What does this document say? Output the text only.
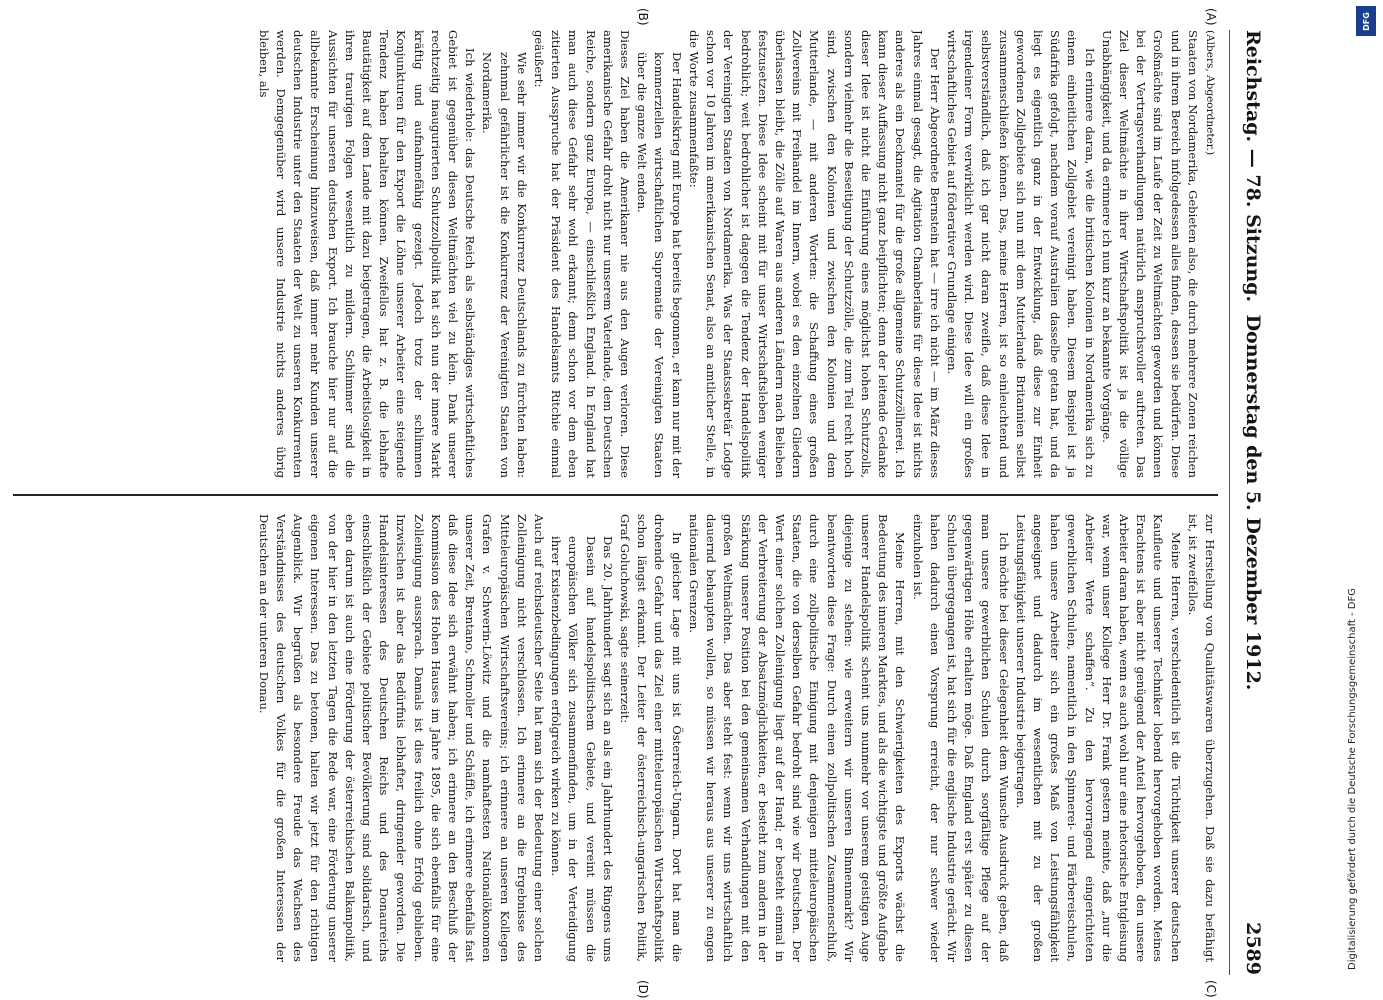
Reichstag. — 78. Sitzung.
Donnerstag den 5. Dezember 1912.
2589
(A)
(B)
(C)
(D)

(Albers, Abgeordneter.)

Staaten von Nordamerika, Gebieten also, die durch mehrere Zonen reichen und in ihrem Bereich infolgedessen alles finden, dessen sie bedürfen. Diese Großmächte sind im Laufe der Zeit zu Weltmächten geworden und können bei der Vertragsverhandlungen natürlich anspruchsvoller auftreten. Das Ziel dieser Weltmächte in ihrer Wirtschaftspolitik ist ja die völlige Unabhängigkeit, und da erinnere ich nun kurz an bekannte Vorgänge.

Ich erinnere daran, wie die britischen Kolonien in Nordamerika sich zu einem einheitlichen Zollgebiet vereinigt haben. Diesem Beispiel ist ja Südafrika gefolgt, nachdem vorauf Australien dasselbe getan hat, und da liegt es eigentlich ganz in der Entwicklung, daß diese zur Einheit gewordenen Zollgebiete sich nun mit dem Mutterlande Britannien selbst zusammenschließen können. Das, meine Herren, ist so einleuchtend und selbstverständlich, daß ich gar nicht daran zweifle, daß diese Idee in irgendeiner Form verwirklicht werden wird. Diese Idee will ein großes wirtschaftliches Gebiet auf föderativer Grundlage einigen.

Der Herr Abgeordnete Bernstein hat — irre ich nicht — im März dieses Jahres einmal gesagt, die Agitation Chamberlains für diese Idee ist nichts anderes als ein Deckmantel für die große allgemeine Schutzzöllnerei. Ich kann dieser Auffassung nicht ganz beipflichten; denn der leitende Gedanke dieser Idee ist nicht die Einführung eines möglichst hohen Schutzzolls, sondern vielmehr die Beseitigung der Schutzzölle, die zum Teil recht hoch sind, zwischen den Kolonien und zwischen den Kolonien und dem Mutterlande, — mit anderen Worten: die Schaffung eines großen Zollvereins mit Freihandel im Innern, wobei es den einzelnen Gliedern überlassen bleibt, die Zölle auf Waren aus anderen Ländern nach Belieben festzusetzen. Diese Idee scheint mit für unser Wirtschaftsleben weniger bedrohlich; weit bedrohlicher ist dagegen die Tendenz der Handelspolitik der Vereinigten Staaten von Nordamerika. Was der Staatssekretär Lodge schon vor 10 Jahren im amerikanischen Senat, also an amtlicher Stelle, in die Worte zusammenfaßte:

Der Handelskrieg mit Europa hat bereits begonnen, er kann nur mit der kommerziellen wirtschaftlichen Suprematie der Vereinigten Staaten über die ganze Welt enden.

Dieses Ziel haben die Amerikaner nie aus den Augen verloren. Diese amerikanische Gefahr droht nicht nur unserem Vaterlande, dem Deutschen Reiche, sondern ganz Europa, — einschließlich England. In England hat man auch diese Gefahr sehr wohl erkannt; denn schon vor dem eben zitierten Ausspruche hat der Präsident des Handelsamts Ritchie einmal geäußert:

Wie sehr immer wir die Konkurrenz Deutschlands zu fürchten haben: zehnmal gefährlicher ist die Konkurrenz der Vereinigten Staaten von Nordamerika.

Ich wiederhole: das Deutsche Reich als selbständiges wirtschaftliches Gebiet ist gegenüber diesen Weltmächten viel zu klein. Dank unserer rechtzeitig inaugurierten Schutzzollpolitik hat sich nun der innere Markt kräftig und aufnahmefähig gezeigt. Jedoch trotz der schlimmen Konjunkturen für den Export die Löhne unserer Arbeiter eine steigende Tendenz haben behalten können. Zweifellos hat z. B. die lebhafte Bautätigkeit auf dem Lande mit dazu beigetragen, die Arbeitslosigkeit in ihren traurigen Folgen wesentlich zu mildern. Schlimmer sind die Aussichten für unseren deutschen Export. Ich brauche hier nur auf die allbekannte Erscheinung hinzuweisen, daß immer mehr Kunden unserer deutschen Industrie unter den Staaten der Welt zu unseren Konkurrenten werden. Demgegenüber wird unsere Industrie nichts anderes übrig bleiben, als

zur Herstellung von Qualitätswaren überzugehen. Daß sie dazu befähigt ist, ist zweifellos.

Meine Herren, verschiedentlich ist die Tüchtigkeit unserer deutschen Kaufleute und unserer Techniker lobend hervorgehoben worden. Meines Erachtens ist aber nicht genügend der Anteil hervorgehoben, den unsere Arbeiter daran haben, wenn es auch wohl nur eine rhetorische Entgleisung war, wenn unser Kollege Herr Dr. Frank gestern meinte, daß „nur die Arbeiter Werte schaffen“. Zu den hervorragend eingerichteten gewerblichen Schulen, namentlich in den Spinnerei- und Färbereischulen, haben unsere Arbeiter sich ein großes Maß von Leistungsfähigkeit angeeignet und dadurch im wesentlichen mit zu der großen Leistungsfähigkeit unserer Industrie beigetragen.

Ich möchte bei dieser Gelegenheit dem Wunsche Ausdruck geben, daß man unsere gewerblichen Schulen durch sorgfältige Pflege auf der gegenwärtigen Höhe erhalten möge. Daß England erst später zu diesen Schulen übergegangen ist, hat sich für die englische Industrie gerächt. Wir haben dadurch einen Vorsprung erreicht, der nur schwer wieder einzuholen ist.

Meine Herren, mit den Schwierigkeiten des Exports wächst die Bedeutung des inneren Marktes, und als die wichtigste und größte Aufgabe unserer Handelspolitik scheint uns nunmehr vor unserem geistigen Auge diejenige zu stehen: wie erweitern wir unseren Binnenmarkt? Wir beantworten diese Frage: Durch einen zollpolitischen Zusammenschluß, durch eine zollpolitische Einigung mit denjenigen mitteleuropäischen Staaten, die von derselben Gefahr bedroht sind wie wir Deutschen. Der Wert einer solchen Zolleinigung liegt auf der Hand; er besteht einmal in der Verbreiterung der Absatzmöglichkeiten, er besteht zum andern in der Stärkung unserer Position bei den gemeinsamen Verhandlungen mit den großen Weltmächten. Das aber steht fest: wenn wir uns wirtschaftlich dauernd behaupten wollen, so müssen wir heraus aus unserer zu engen nationalen Grenzen.

In gleicher Lage mit uns ist Österreich-Ungarn. Dort hat man die drohende Gefahr und das Ziel einer mitteleuropäischen Wirtschaftspolitik schon längst erkannt. Der Leiter der österreichisch-ungarischen Politik, Graf Goluchowski, sagte seinerzeit:

Das 20. Jahrhundert sagt sich an als ein Jahrhundert des Ringens ums Dasein auf handelspolitischem Gebiete, und vereint müssen die europäischen Völker sich zusammenfinden, um in der Verteidigung ihrer Existenzbedingungen erfolgreich wirken zu können.

Auch auf reichsdeutscher Seite hat man sich der Bedeutung einer solchen Zolleinigung nicht verschlossen. Ich erinnere an die Ergebnisse des Mitteleuropäischen Wirtschaftsvereins; ich erinnere an unseren Kollegen Grafen v. Schwerin-Löwitz und die namhaftesten Nationalökonomen unserer Zeit, Brentano, Schmoller und Schäffle, ich erinnere ebenfalls fast daß diese Idee sich erwähnt haben; ich erinnere an den Beschluß der Kommission des Hohen Hauses im Jahre 1895, die sich ebenfalls für eine Zolleinigung aussprach. Damals ist dies freilich ohne Erfolg geblieben. Inzwischen ist aber das Bedürfnis lebhafter, dringender geworden. Die Handelsinteressen des Deutschen Reichs und des Donaureichs einschließlich der Gebiete politischer Bevölkerung sind solidarisch, und eben darum ist auch eine Förderung der österreichischen Balkanpolitik, von der hier in den letzten Tagen die Rede war, eine Förderung unserer eigenen Interessen. Das zu betonen, halten wir jetzt für den richtigen Augenblick. Wir begrüßen als besondere Freude das Wachsen des Verständnisses des deutschen Volkes für die großen Interessen der Deutschen an der unteren Donau.

DFG
Digitalisierung gefördert durch die Deutsche Forschungsgemeinschaft - DFG
